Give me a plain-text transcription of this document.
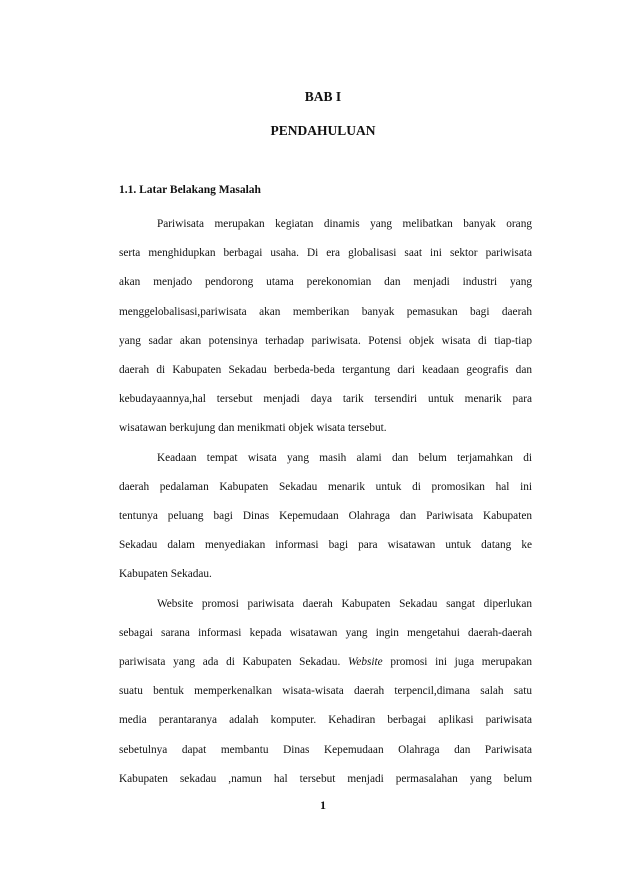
BAB I
PENDAHULUAN
1.1. Latar Belakang Masalah
Pariwisata merupakan kegiatan dinamis yang melibatkan banyak orang
serta menghidupkan berbagai usaha. Di era globalisasi saat ini sektor pariwisata
akan menjado pendorong utama perekonomian dan menjadi industri yang
menggelobalisasi,pariwisata akan memberikan banyak pemasukan bagi daerah
yang sadar akan potensinya terhadap pariwisata. Potensi objek wisata di tiap-tiap
daerah di Kabupaten Sekadau berbeda-beda tergantung dari keadaan geografis dan
kebudayaannya,hal tersebut menjadi daya tarik tersendiri untuk menarik para
wisatawan berkujung dan menikmati objek wisata tersebut.
Keadaan tempat wisata yang masih alami dan belum terjamahkan di
daerah pedalaman Kabupaten Sekadau menarik untuk di promosikan hal ini
tentunya peluang bagi Dinas Kepemudaan Olahraga dan Pariwisata Kabupaten
Sekadau dalam menyediakan informasi bagi para wisatawan untuk datang ke
Kabupaten Sekadau.
Website promosi pariwisata daerah Kabupaten Sekadau sangat diperlukan
sebagai sarana informasi kepada wisatawan yang ingin mengetahui daerah-daerah
pariwisata yang ada di Kabupaten Sekadau. Website promosi ini juga merupakan
suatu bentuk memperkenalkan wisata-wisata daerah terpencil,dimana salah satu
media perantaranya adalah komputer. Kehadiran berbagai aplikasi pariwisata
sebetulnya dapat membantu Dinas Kepemudaan Olahraga dan Pariwisata
Kabupaten sekadau ,namun hal tersebut menjadi permasalahan yang belum
1
